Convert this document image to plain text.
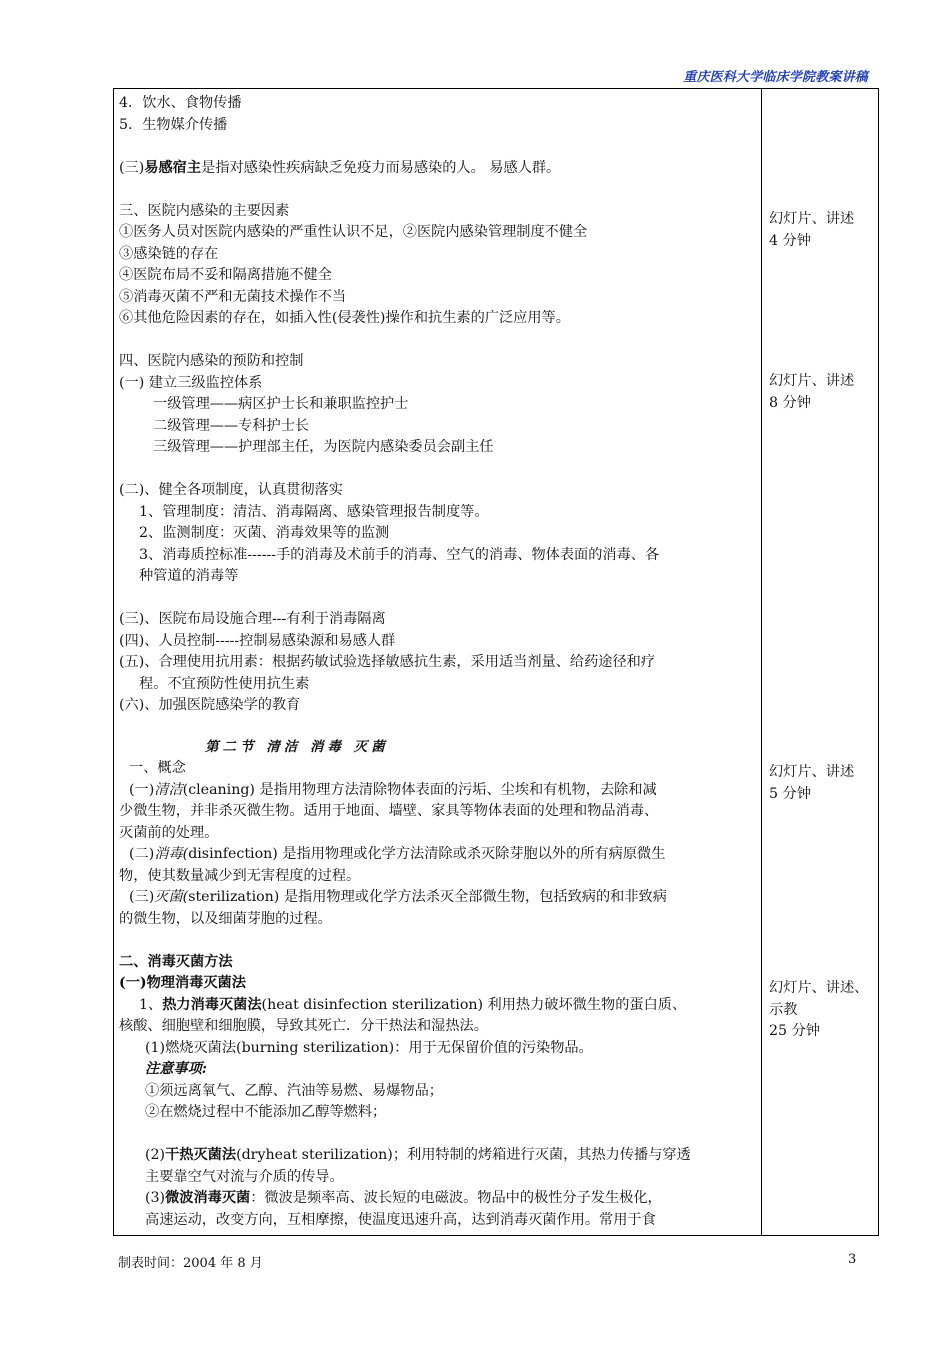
重庆医科大学临床学院教案讲稿
4．饮水、食物传播
5．生物媒介传播
(三)易感宿主是指对感染性疾病缺乏免疫力而易感染的人。 易感人群。
三、医院内感染的主要因素
①医务人员对医院内感染的严重性认识不足，②医院内感染管理制度不健全
③感染链的存在
④医院布局不妥和隔离措施不健全
⑤消毒灭菌不严和无菌技术操作不当
⑥其他危险因素的存在，如插入性(侵袭性)操作和抗生素的广泛应用等。
四、医院内感染的预防和控制
(一) 建立三级监控体系
一级管理——病区护士长和兼职监控护士
二级管理——专科护士长
三级管理——护理部主任，为医院内感染委员会副主任
(二)、健全各项制度，认真贯彻落实
1、管理制度：清洁、消毒隔离、感染管理报告制度等。
2、监测制度：灭菌、消毒效果等的监测
3、消毒质控标准------手的消毒及术前手的消毒、空气的消毒、物体表面的消毒、各
种管道的消毒等
(三)、医院布局设施合理---有利于消毒隔离
(四)、人员控制-----控制易感染源和易感人群
(五)、合理使用抗用素：根据药敏试验选择敏感抗生素，采用适当剂量、给药途径和疗
程。不宜预防性使用抗生素
(六)、加强医院感染学的教育
第二节 清洁 消毒 灭菌
一、概念
(一)清洁(cleaning) 是指用物理方法清除物体表面的污垢、尘埃和有机物，去除和减
少微生物，并非杀灭微生物。适用于地面、墙壁、家具等物体表面的处理和物品消毒、
灭菌前的处理。
(二)消毒(disinfection) 是指用物理或化学方法清除或杀灭除芽胞以外的所有病原微生
物，使其数量减少到无害程度的过程。
(三)灭菌(sterilization) 是指用物理或化学方法杀灭全部微生物，包括致病的和非致病
的微生物，以及细菌芽胞的过程。
二、消毒灭菌方法
(一)物理消毒灭菌法
1、热力消毒灭菌法(heat disinfection sterilization) 利用热力破坏微生物的蛋白质、
核酸、细胞壁和细胞膜，导致其死亡．分干热法和湿热法。
(1)燃烧灭菌法(burning sterilization)：用于无保留价值的污染物品。
注意事项:
①须远离氧气、乙醇、汽油等易燃、易爆物品；
②在燃烧过程中不能添加乙醇等燃料；
(2)干热灭菌法(dryheat sterilization)；利用特制的烤箱进行灭菌，其热力传播与穿透
主要靠空气对流与介质的传导。
(3)微波消毒灭菌：微波是频率高、波长短的电磁波。物品中的极性分子发生极化，
高速运动，改变方向，互相摩擦，使温度迅速升高，达到消毒灭菌作用。常用于食
幻灯片、讲述
4 分钟
幻灯片、讲述
8 分钟
幻灯片、讲述
5 分钟
幻灯片、讲述、
示教
25 分钟
制表时间：2004 年 8 月	3
